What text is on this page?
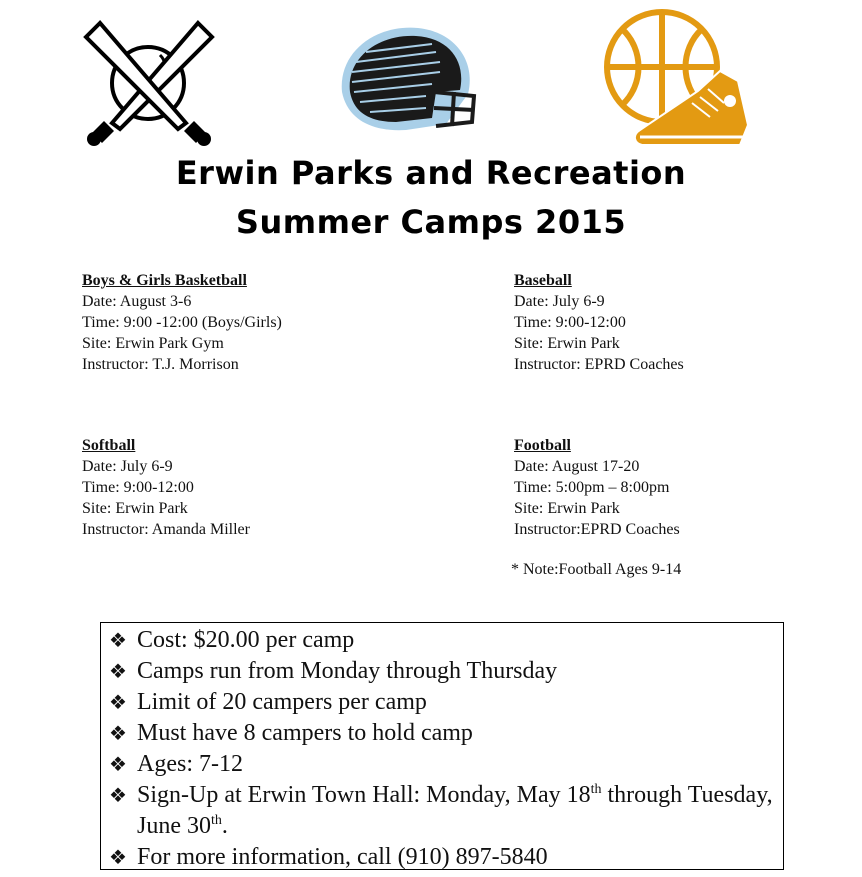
Erwin Parks and Recreation
Summer Camps 2015
Boys & Girls Basketball
Date: August 3-6
Time: 9:00 -12:00 (Boys/Girls)
Site: Erwin Park Gym
Instructor: T.J. Morrison
Baseball
Date: July 6-9
Time: 9:00-12:00
Site: Erwin Park
Instructor: EPRD Coaches
Softball
Date: July 6-9
Time: 9:00-12:00
Site: Erwin Park
Instructor: Amanda Miller
Football
Date: August 17-20
Time: 5:00pm – 8:00pm
Site: Erwin Park
Instructor:EPRD Coaches
* Note:Football Ages 9-14
❖ Cost: $20.00 per camp
❖ Camps run from Monday through Thursday
❖ Limit of 20 campers per camp
❖ Must have 8 campers to hold camp
❖ Ages: 7-12
❖ Sign-Up at Erwin Town Hall: Monday, May 18th through Tuesday, June 30th.
❖ For more information, call (910) 897-5840
